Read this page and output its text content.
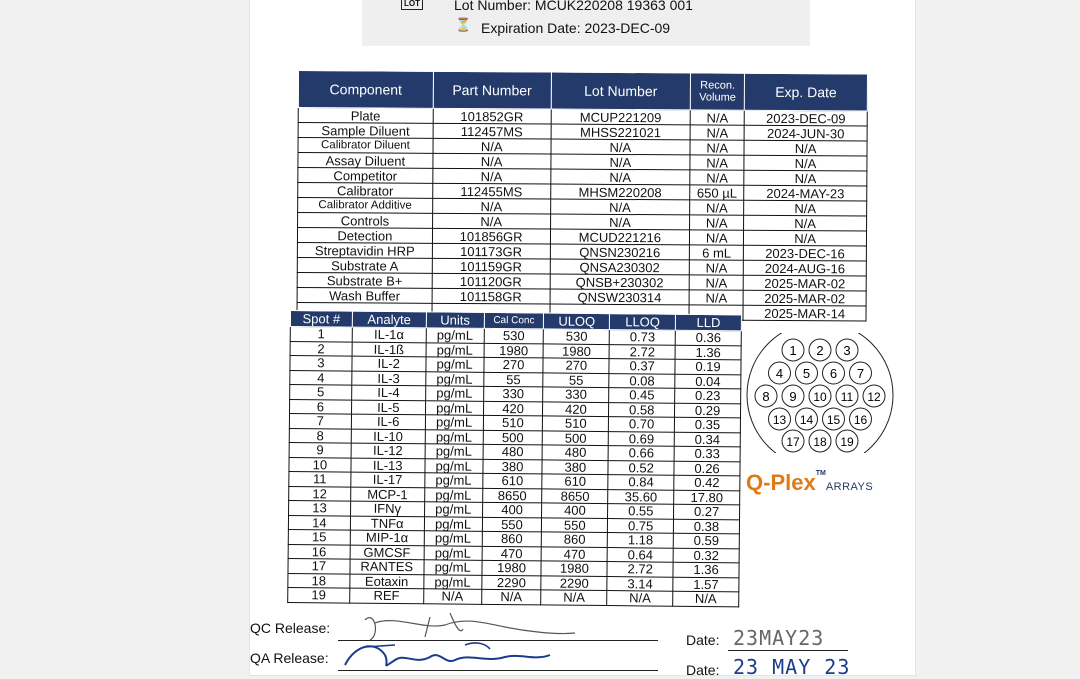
LOT Lot Number: MCUK220208 19363 001
⏳ Expiration Date: 2023-DEC-09
Component	Part Number	Lot Number	Recon. Volume	Exp. Date
Plate	101852GR	MCUP221209	N/A	2023-DEC-09
Sample Diluent	112457MS	MHSS221021	N/A	2024-JUN-30
Calibrator Diluent	N/A	N/A	N/A	N/A
Assay Diluent	N/A	N/A	N/A	N/A
Competitor	N/A	N/A	N/A	N/A
Calibrator	112455MS	MHSM220208	650 µL	2024-MAY-23
Calibrator Additive	N/A	N/A	N/A	N/A
Controls	N/A	N/A	N/A	N/A
Detection	101856GR	MCUD221216	N/A	N/A
Streptavidin HRP	101173GR	QNSN230216	6 mL	2023-DEC-16
Substrate A	101159GR	QNSA230302	N/A	2024-AUG-16
Substrate B+	101120GR	QNSB+230302	N/A	2025-MAR-02
Wash Buffer	101158GR	QNSW230314	N/A	2025-MAR-02
				2025-MAR-14
Spot #	Analyte	Units	Cal Conc	ULOQ	LLOQ	LLD
1	IL-1α	pg/mL	530	530	0.73	0.36
2	IL-1ß	pg/mL	1980	1980	2.72	1.36
3	IL-2	pg/mL	270	270	0.37	0.19
4	IL-3	pg/mL	55	55	0.08	0.04
5	IL-4	pg/mL	330	330	0.45	0.23
6	IL-5	pg/mL	420	420	0.58	0.29
7	IL-6	pg/mL	510	510	0.70	0.35
8	IL-10	pg/mL	500	500	0.69	0.34
9	IL-12	pg/mL	480	480	0.66	0.33
10	IL-13	pg/mL	380	380	0.52	0.26
11	IL-17	pg/mL	610	610	0.84	0.42
12	MCP-1	pg/mL	8650	8650	35.60	17.80
13	IFNγ	pg/mL	400	400	0.55	0.27
14	TNFα	pg/mL	550	550	0.75	0.38
15	MIP-1α	pg/mL	860	860	1.18	0.59
16	GMCSF	pg/mL	470	470	0.64	0.32
17	RANTES	pg/mL	1980	1980	2.72	1.36
18	Eotaxin	pg/mL	2290	2290	3.14	1.57
19	REF	N/A	N/A	N/A	N/A	N/A
1 2 3
4 5 6 7
8 9 10 11 12
13 14 15 16
17 18 19
Q-Plex™ARRAYS
QC Release:
QA Release:
Date: 23MAY23
Date: 23 MAY 23
